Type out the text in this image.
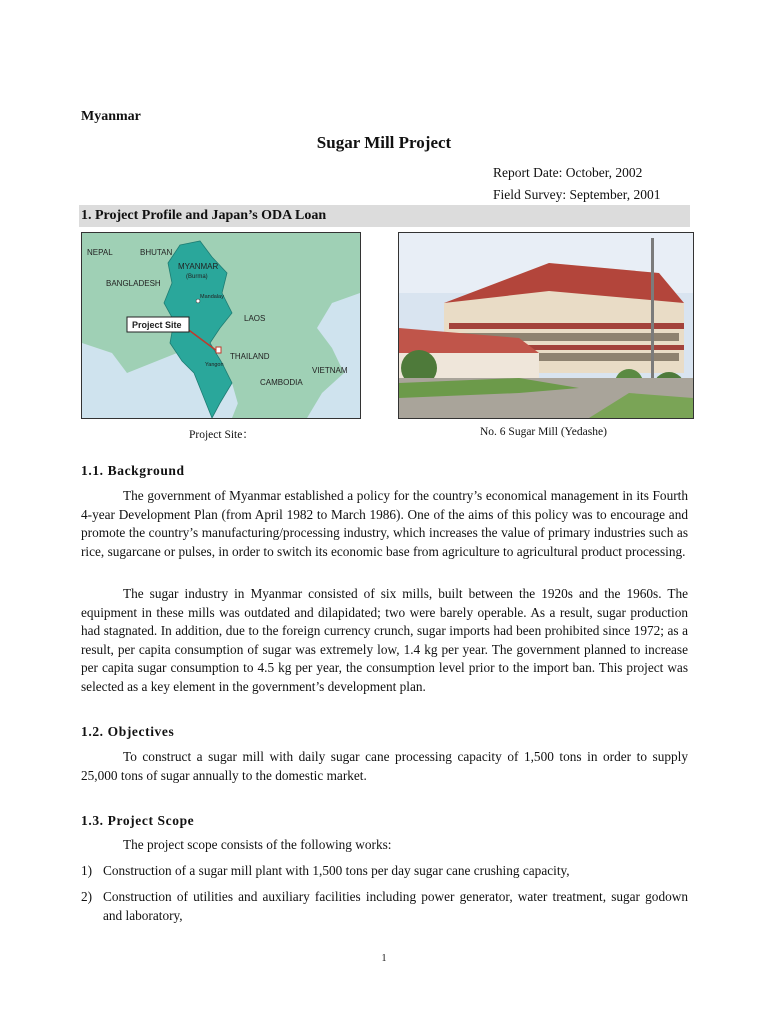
Myanmar
Sugar Mill Project
Report Date: October, 2002
Field Survey: September, 2001
1. Project Profile and Japan’s ODA Loan
NEPAL	BHUTAN
MYANMAR
(Burma)
BANGLADESH
Mandalay
LAOS
THAILAND
VIETNAM
CAMBODIA
Yangon
Project Site
Project Site：	No. 6 Sugar Mill (Yedashe)
1.1. Background

The government of Myanmar established a policy for the country’s economical management in its Fourth 4-year Development Plan (from April 1982 to March 1986). One of the aims of this policy was to encourage and promote the country’s manufacturing/processing industry, which increases the value of primary industries such as rice, sugarcane or pulses, in order to switch its economic base from agriculture to agricultural product processing.

The sugar industry in Myanmar consisted of six mills, built between the 1920s and the 1960s. The equipment in these mills was outdated and dilapidated; two were barely operable. As a result, sugar production had stagnated. In addition, due to the foreign currency crunch, sugar imports had been prohibited since 1972; as a result, per capita consumption of sugar was extremely low, 1.4 kg per year. The government planned to increase per capita sugar consumption to 4.5 kg per year, the consumption level prior to the import ban. This project was selected as a key element in the government’s development plan.

1.2. Objectives

To construct a sugar mill with daily sugar cane processing capacity of 1,500 tons in order to supply 25,000 tons of sugar annually to the domestic market.

1.3. Project Scope

The project scope consists of the following works:

1) Construction of a sugar mill plant with 1,500 tons per day sugar cane crushing capacity,
2) Construction of utilities and auxiliary facilities including power generator, water treatment, sugar godown and laboratory,
1
